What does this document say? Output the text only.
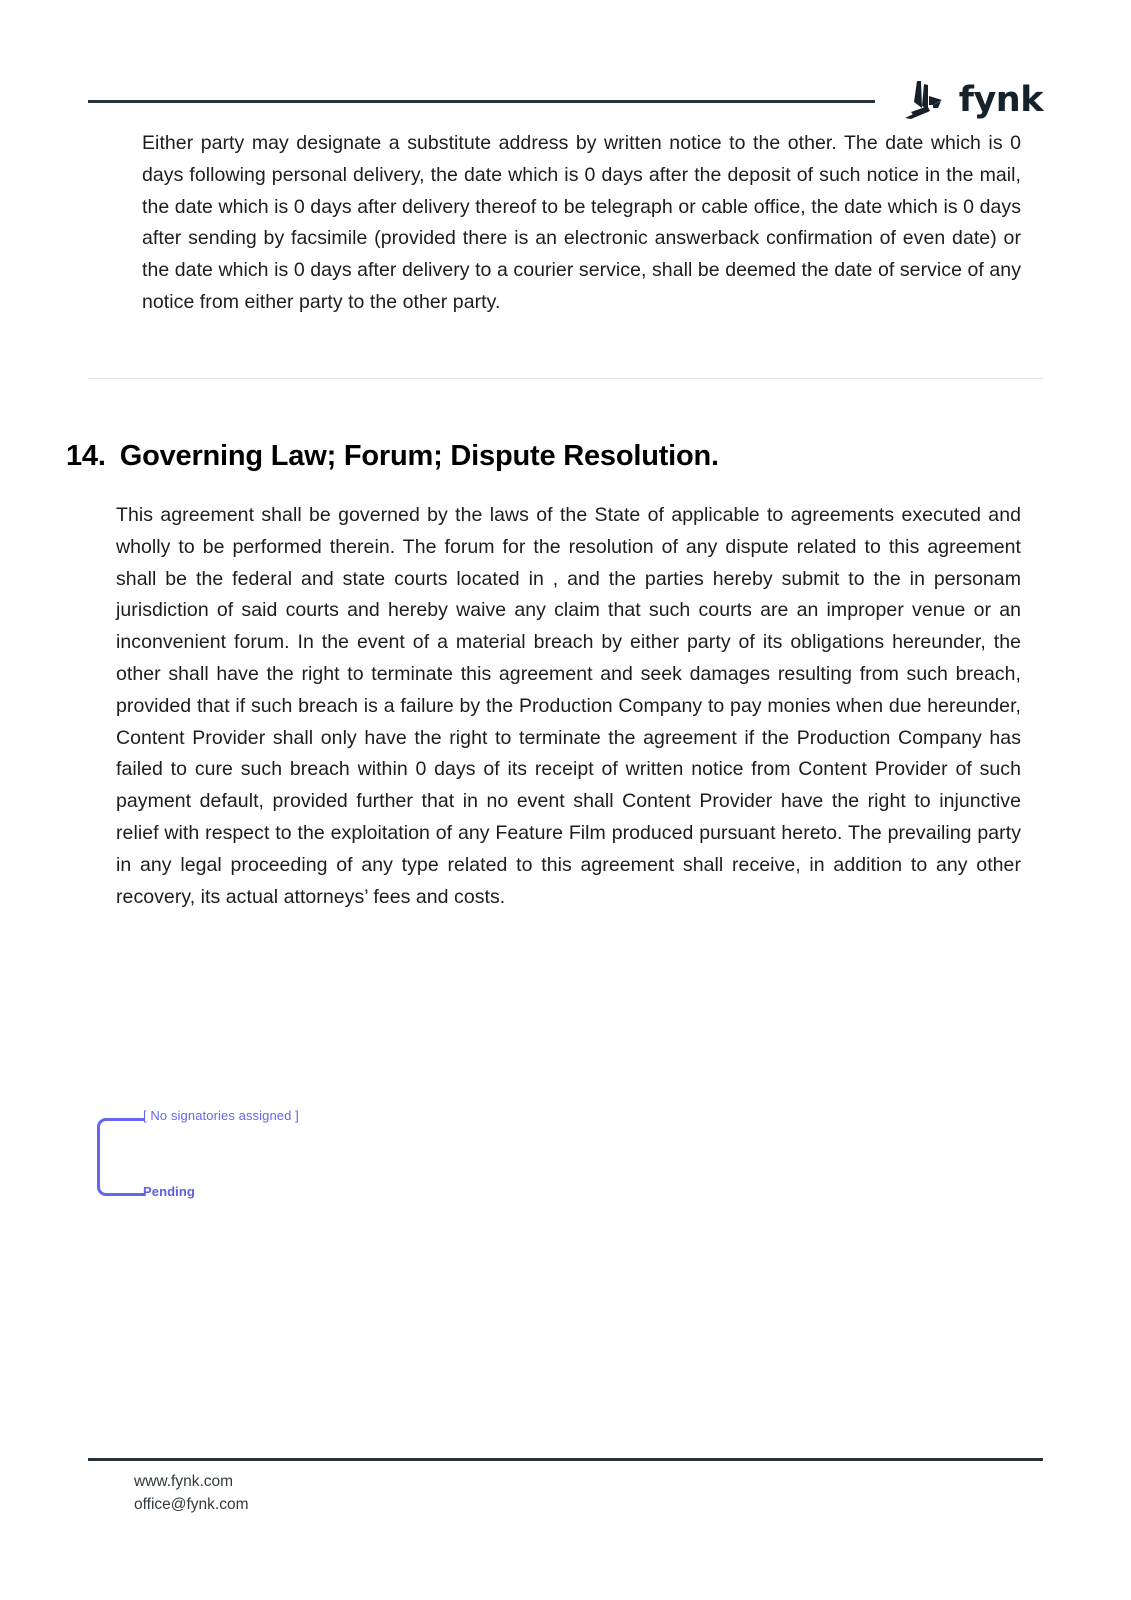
fynk

Either party may designate a substitute address by written notice to the other. The date which is 0 days following personal delivery, the date which is 0 days after the deposit of such notice in the mail, the date which is 0 days after delivery thereof to be telegraph or cable office, the date which is 0 days after sending by facsimile (provided there is an electronic answerback confirmation of even date) or the date which is 0 days after delivery to a courier service, shall be deemed the date of service of any notice from either party to the other party.

14. Governing Law; Forum; Dispute Resolution.

This agreement shall be governed by the laws of the State of applicable to agreements executed and wholly to be performed therein. The forum for the resolution of any dispute related to this agreement shall be the federal and state courts located in , and the parties hereby submit to the in personam jurisdiction of said courts and hereby waive any claim that such courts are an improper venue or an inconvenient forum. In the event of a material breach by either party of its obligations hereunder, the other shall have the right to terminate this agreement and seek damages resulting from such breach, provided that if such breach is a failure by the Production Company to pay monies when due hereunder, Content Provider shall only have the right to terminate the agreement if the Production Company has failed to cure such breach within 0 days of its receipt of written notice from Content Provider of such payment default, provided further that in no event shall Content Provider have the right to injunctive relief with respect to the exploitation of any Feature Film produced pursuant hereto. The prevailing party in any legal proceeding of any type related to this agreement shall receive, in addition to any other recovery, its actual attorneys’ fees and costs.

[ No signatories assigned ]
Pending
www.fynk.com
office@fynk.com
